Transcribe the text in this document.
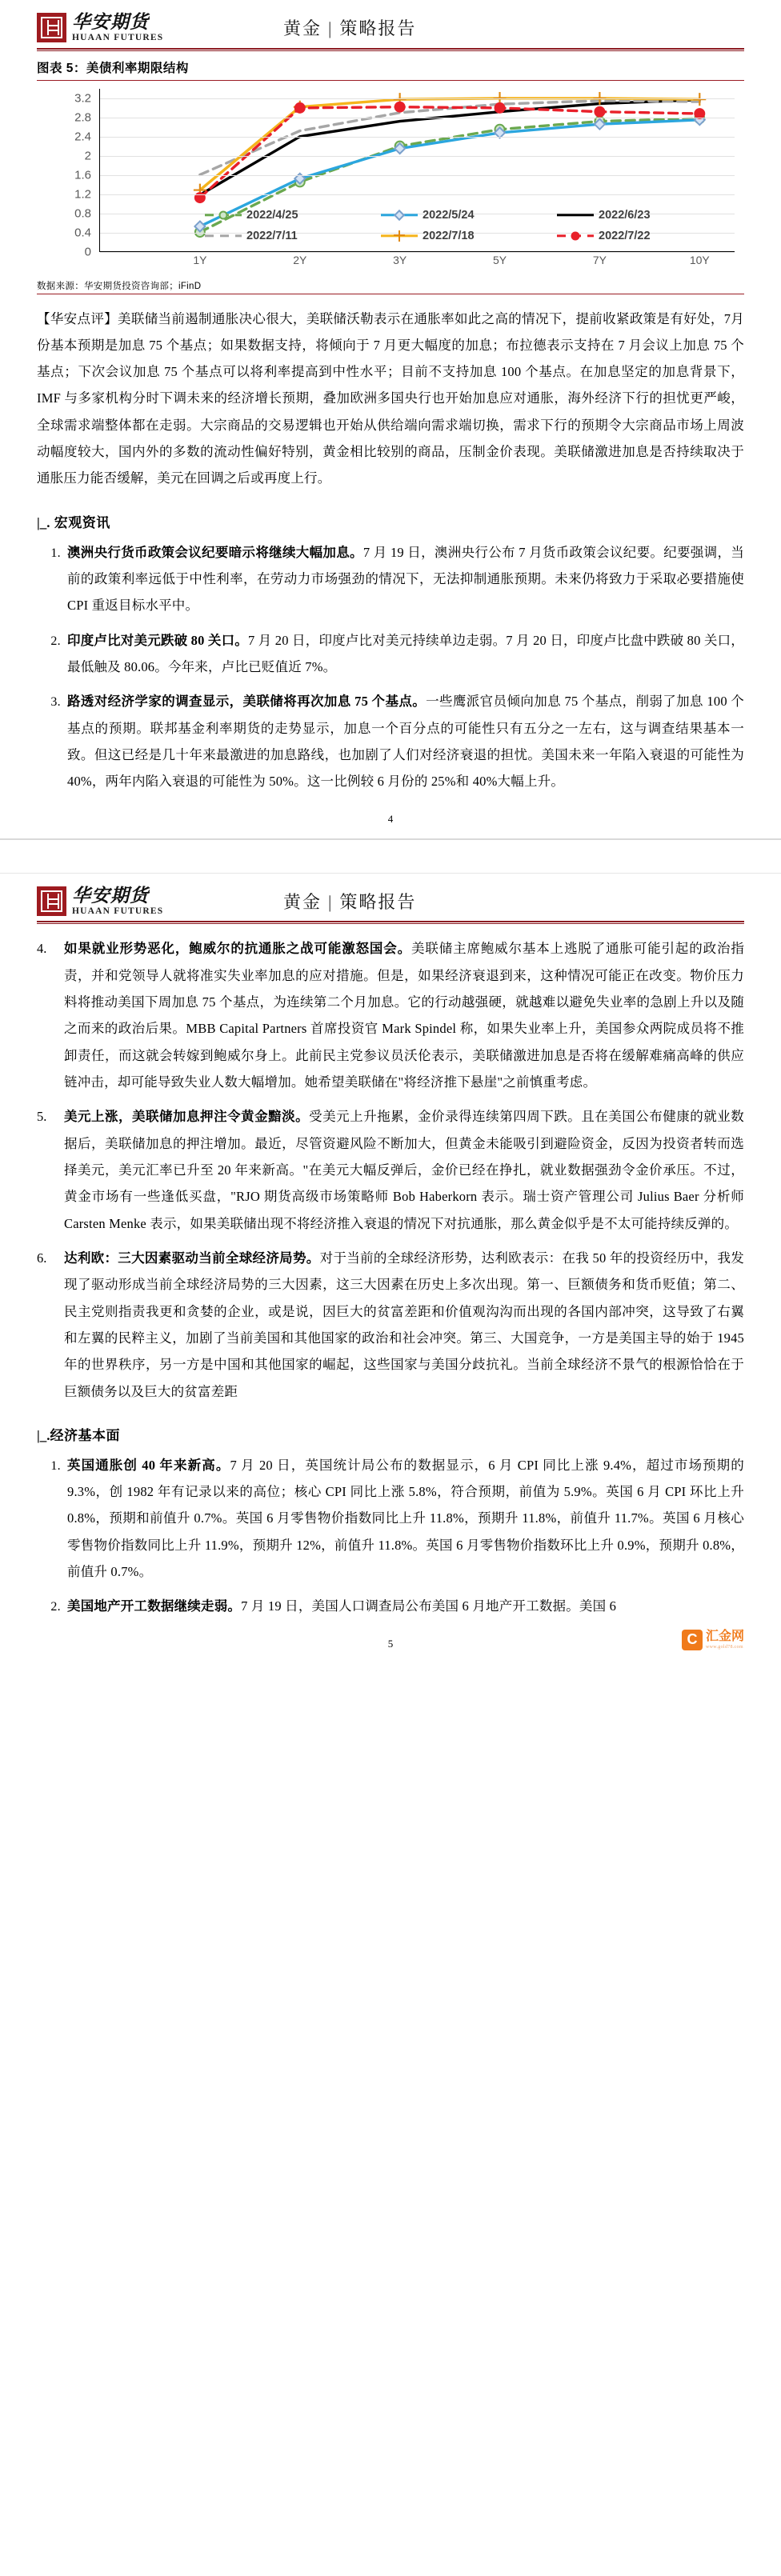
华安期货
HUAAN FUTURES	黄金 | 策略报告
图表 5：美债利率期限结构
0
0.4
0.8
1.2
1.6
2
2.4
2.8
3.2
1Y	2Y	3Y	5Y	7Y	10Y
2022/4/25	2022/5/24	2022/6/23
2022/7/11	2022/7/18	2022/7/22
数据来源：华安期货投资咨询部；iFinD

【华安点评】美联储当前遏制通胀决心很大，美联储沃勒表示在通胀率如此之高的情况下，提前收紧政策是有好处，7月份基本预期是加息 75 个基点；如果数据支持，将倾向于 7 月更大幅度的加息；布拉德表示支持在 7 月会议上加息 75 个基点；下次会议加息 75 个基点可以将利率提高到中性水平；目前不支持加息 100 个基点。在加息坚定的加息背景下，IMF 与多家机构分时下调未来的经济增长预期，叠加欧洲多国央行也开始加息应对通胀，海外经济下行的担忧更严峻，全球需求端整体都在走弱。大宗商品的交易逻辑也开始从供给端向需求端切换，需求下行的预期令大宗商品市场上周波动幅度较大，国内外的多数的流动性偏好特别，黄金相比较别的商品，压制金价表现。美联储激进加息是否持续取决于通胀压力能否缓解，美元在回调之后或再度上行。

|_. 宏观资讯
1. 澳洲央行货币政策会议纪要暗示将继续大幅加息。7 月 19 日，澳洲央行公布 7 月货币政策会议纪要。纪要强调，当前的政策利率远低于中性利率，在劳动力市场强劲的情况下，无法抑制通胀预期。未来仍将致力于采取必要措施使 CPI 重返目标水平中。
2. 印度卢比对美元跌破 80 关口。7 月 20 日，印度卢比对美元持续单边走弱。7 月 20 日，印度卢比盘中跌破 80 关口，最低触及 80.06。今年来，卢比已贬值近 7%。
3. 路透对经济学家的调查显示，美联储将再次加息 75 个基点。一些鹰派官员倾向加息 75 个基点，削弱了加息 100 个基点的预期。联邦基金利率期货的走势显示，加息一个百分点的可能性只有五分之一左右，这与调查结果基本一致。但这已经是几十年来最激进的加息路线，也加剧了人们对经济衰退的担忧。美国未来一年陷入衰退的可能性为 40%，两年内陷入衰退的可能性为 50%。这一比例较 6 月份的 25%和 40%大幅上升。
4
华安期货
HUAAN FUTURES	黄金 | 策略报告
4.	如果就业形势恶化，鲍威尔的抗通胀之战可能激怒国会。美联储主席鲍威尔基本上逃脱了通胀可能引起的政治指责，并和党领导人就将准实失业率加息的应对措施。但是，如果经济衰退到来，这种情况可能正在改变。物价压力料将推动美国下周加息 75 个基点，为连续第二个月加息。它的行动越强硬，就越难以避免失业率的急剧上升以及随之而来的政治后果。MBB Capital Partners 首席投资官 Mark Spindel 称，如果失业率上升，美国参众两院成员将不推卸责任，而这就会转嫁到鲍威尔身上。此前民主党参议员沃伦表示，美联储激进加息是否将在缓解难痛高峰的供应链冲击，却可能导致失业人数大幅增加。她希望美联储在"将经济推下悬崖"之前慎重考虑。

5.	美元上涨，美联储加息押注令黄金黯淡。受美元上升拖累，金价录得连续第四周下跌。且在美国公布健康的就业数据后，美联储加息的押注增加。最近，尽管资避风险不断加大，但黄金未能吸引到避险资金，反因为投资者转而选择美元，美元汇率已升至 20 年来新高。"在美元大幅反弹后，金价已经在挣扎，就业数据强劲令金价承压。不过，黄金市场有一些逢低买盘，"RJO 期货高级市场策略师 Bob Haberkorn 表示。瑞士资产管理公司 Julius Baer 分析师 Carsten Menke 表示，如果美联储出现不将经济推入衰退的情况下对抗通胀，那么黄金似乎是不太可能持续反弹的。

6.	达利欧：三大因素驱动当前全球经济局势。对于当前的全球经济形势，达利欧表示：在我 50 年的投资经历中，我发现了驱动形成当前全球经济局势的三大因素，这三大因素在历史上多次出现。第一、巨额债务和货币贬值；第二、民主党则指责我更和贪婪的企业，或是说，因巨大的贫富差距和价值观沟沟而出现的各国内部冲突，这导致了右翼和左翼的民粹主义，加剧了当前美国和其他国家的政治和社会冲突。第三、大国竞争，一方是美国主导的始于 1945 年的世界秩序，另一方是中国和其他国家的崛起，这些国家与美国分歧抗礼。当前全球经济不景气的根源恰恰在于巨额债务以及巨大的贫富差距

|_.经济基本面
1. 英国通胀创 40 年来新高。7 月 20 日，英国统计局公布的数据显示，6 月 CPI 同比上涨 9.4%，超过市场预期的 9.3%，创 1982 年有记录以来的高位；核心 CPI 同比上涨 5.8%，符合预期，前值为 5.9%。英国 6 月 CPI 环比上升 0.8%，预期和前值升 0.7%。英国 6 月零售物价指数同比上升 11.8%，预期升 11.8%，前值升 11.7%。英国 6 月核心零售物价指数同比上升 11.9%，预期升 12%，前值升 11.8%。英国 6 月零售物价指数环比上升 0.9%，预期升 0.8%，前值升 0.7%。
2. 美国地产开工数据继续走弱。7 月 19 日，美国人口调查局公布美国 6 月地产开工数据。美国 6
5
C
汇金网
www.gold78.com
